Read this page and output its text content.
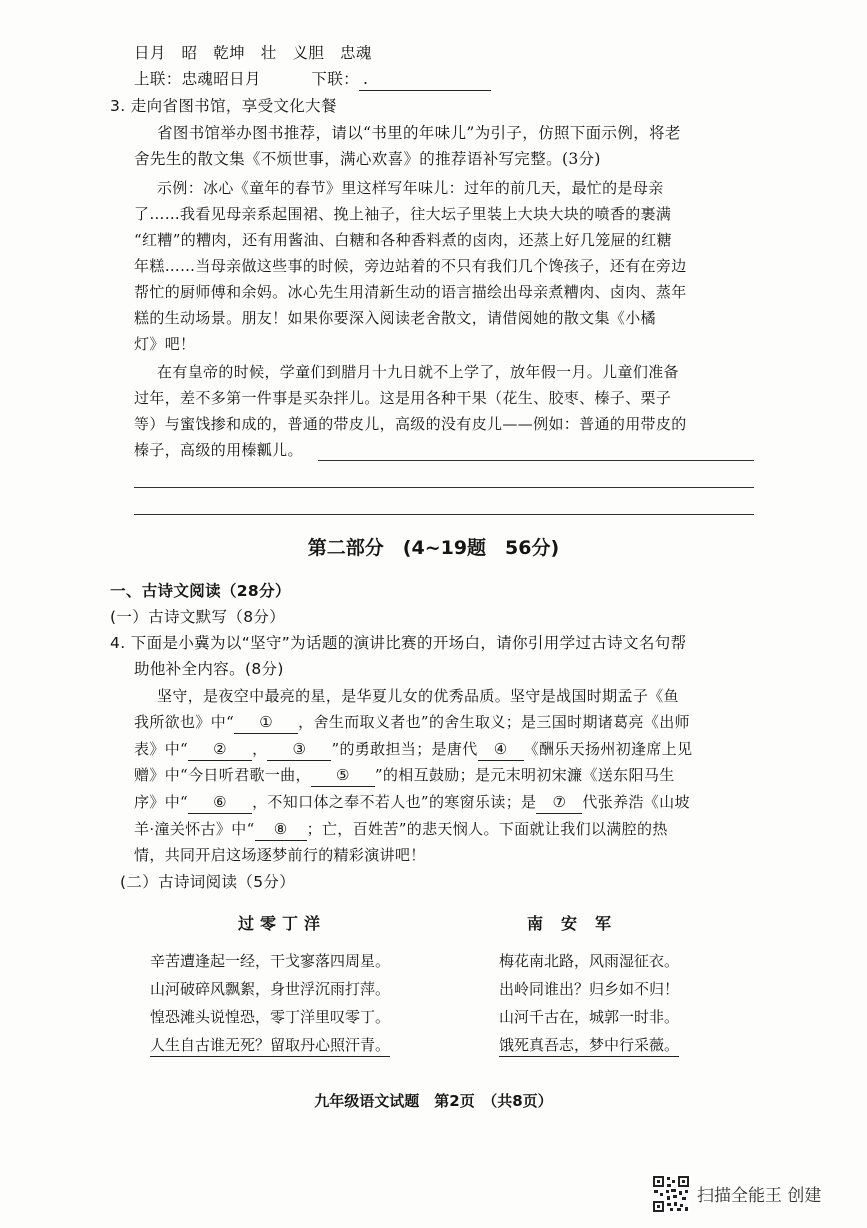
日月　昭　乾坤　壮　义胆　忠魂
上联：忠魂昭日月	下联： .
3. 走向省图书馆，享受文化大餐
省图书馆举办图书推荐，请以“书里的年味儿”为引子，仿照下面示例，将老
舍先生的散文集《不烦世事，满心欢喜》的推荐语补写完整。(3分)
示例：冰心《童年的春节》里这样写年味儿：过年的前几天，最忙的是母亲
了……我看见母亲系起围裙、挽上袖子，往大坛子里装上大块大块的喷香的裹满
“红糟”的糟肉，还有用酱油、白糖和各种香料煮的卤肉，还蒸上好几笼屉的红糖
年糕……当母亲做这些事的时候，旁边站着的不只有我们几个馋孩子，还有在旁边
帮忙的厨师傅和余妈。冰心先生用清新生动的语言描绘出母亲煮糟肉、卤肉、蒸年
糕的生动场景。朋友！如果你要深入阅读老舍散文，请借阅她的散文集《小橘
灯》吧！
在有皇帝的时候，学童们到腊月十九日就不上学了，放年假一月。儿童们准备
过年，差不多第一件事是买杂拌儿。这是用各种干果（花生、胶枣、榛子、栗子
等）与蜜饯掺和成的，普通的带皮儿，高级的没有皮儿——例如：普通的用带皮的
榛子，高级的用榛瓤儿。
第二部分　(4~19题　56分)
一、古诗文阅读（28分）
(一）古诗文默写（8分）
4. 下面是小冀为以“坚守”为话题的演讲比赛的开场白，请你引用学过古诗文名句帮
助他补全内容。(8分)
坚守，是夜空中最亮的星，是华夏儿女的优秀品质。坚守是战国时期孟子《鱼
我所欲也》中“ ① ，舍生而取义者也”的舍生取义；是三国时期诸葛亮《出师
表》中“ ② ， ③ ”的勇敢担当；是唐代 ④ 《酬乐天扬州初逢席上见
赠》中“今日听君歌一曲， ⑤ ”的相互鼓励；是元末明初宋濂《送东阳马生
序》中“ ⑥ ，不知口体之奉不若人也”的寒窗乐读；是 ⑦ 代张养浩《山坡
羊·潼关怀古》中“ ⑧ ；亡，百姓苦”的悲天悯人。下面就让我们以满腔的热
情，共同开启这场逐梦前行的精彩演讲吧！
(二）古诗词阅读（5分）
过零丁洋	南安军
辛苦遭逢起一经，干戈寥落四周星。
山河破碎风飘絮，身世浮沉雨打萍。
惶恐滩头说惶恐，零丁洋里叹零丁。
人生自古谁无死？留取丹心照汗青。
梅花南北路，风雨湿征衣。
出岭同谁出？归乡如不归！
山河千古在，城郭一时非。
饿死真吾志，梦中行采薇。
九年级语文试题　第2页　（共8页）
扫描全能王 创建
